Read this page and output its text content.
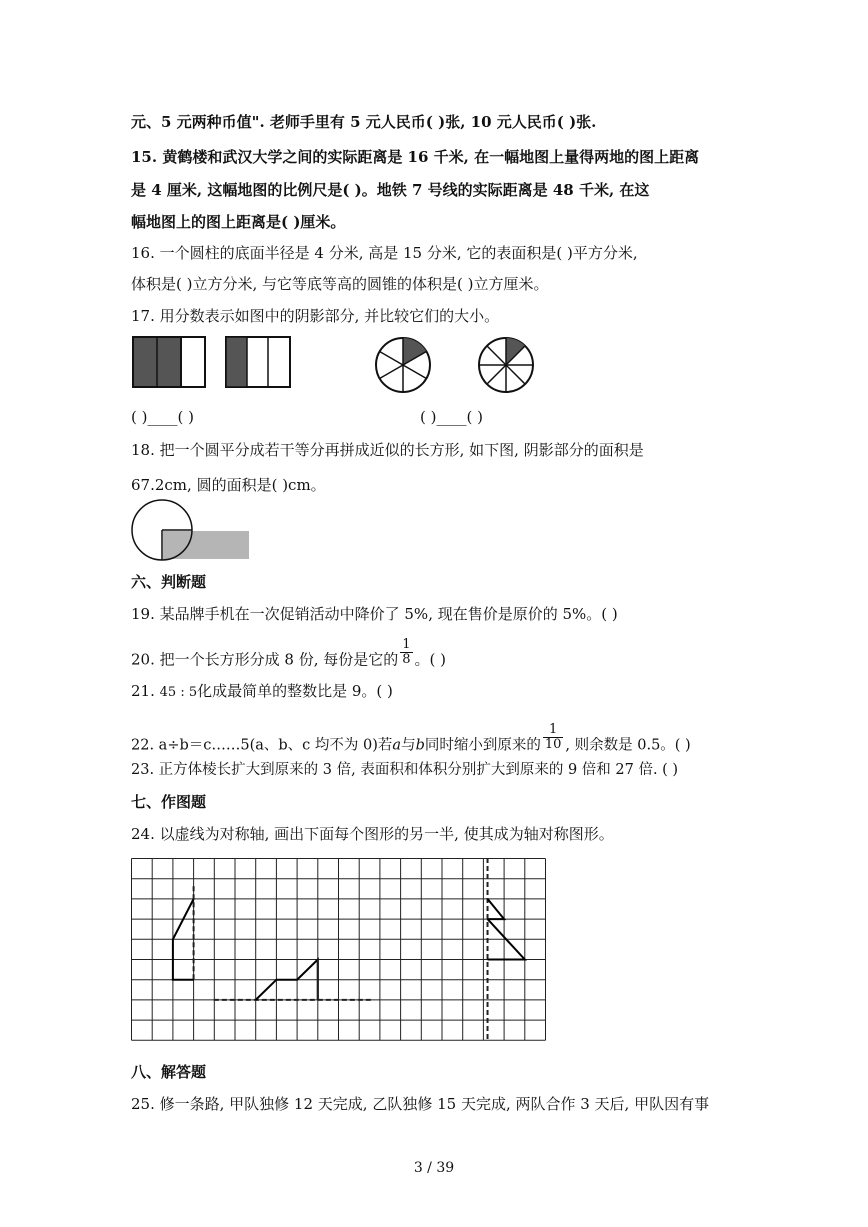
元、5 元两种币值". 老师手里有 5 元人民币( )张, 10 元人民币( )张.
15. 黄鹤楼和武汉大学之间的实际距离是 16 千米, 在一幅地图上量得两地的图上距离
是 4 厘米, 这幅地图的比例尺是( )。地铁 7 号线的实际距离是 48 千米, 在这
幅地图上的图上距离是( )厘米。
16. 一个圆柱的底面半径是 4 分米, 高是 15 分米, 它的表面积是( )平方分米,
体积是( )立方分米, 与它等底等高的圆锥的体积是( )立方厘米。
17. 用分数表示如图中的阴影部分, 并比较它们的大小。
( )____( )	( )____( )
18. 把一个圆平分成若干等分再拼成近似的长方形, 如下图, 阴影部分的面积是
67.2cm, 圆的面积是( )cm。
六、判断题
19. 某品牌手机在一次促销活动中降价了 5%, 现在售价是原价的 5%。( )
20. 把一个长方形分成 8 份, 每份是它的 $\frac{1}{8}$ 。( )
21. 45 : 5化成最简单的整数比是 9。( )
22. a÷b＝c……5(a、b、c 均不为 0)若a与b同时缩小到原来的 $\frac{1}{10}$ , 则余数是 0.5。( )
23. 正方体棱长扩大到原来的 3 倍, 表面积和体积分别扩大到原来的 9 倍和 27 倍. ( )
七、作图题
24. 以虚线为对称轴, 画出下面每个图形的另一半, 使其成为轴对称图形。
八、解答题
25. 修一条路, 甲队独修 12 天完成, 乙队独修 15 天完成, 两队合作 3 天后, 甲队因有事
3 / 39
